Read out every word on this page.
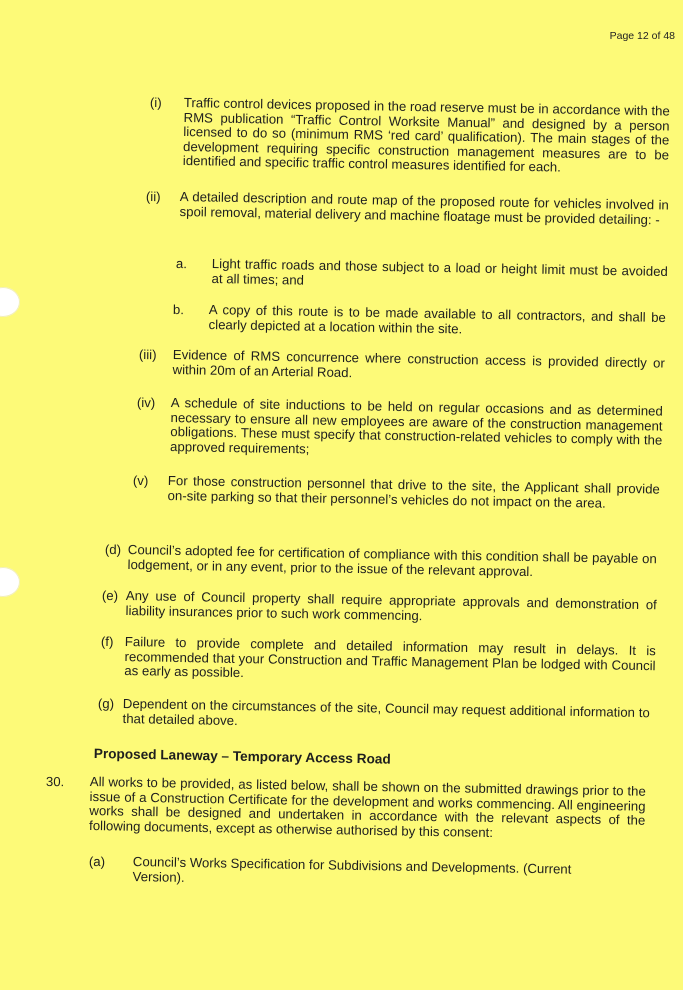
Page 12 of 48
(i) Traffic control devices proposed in the road reserve must be in accordance with the RMS publication “Traffic Control Worksite Manual” and designed by a person licensed to do so (minimum RMS ‘red card’ qualification). The main stages of the development requiring specific construction management measures are to be identified and specific traffic control measures identified for each.

(ii) A detailed description and route map of the proposed route for vehicles involved in spoil removal, material delivery and machine floatage must be provided detailing: -

a. Light traffic roads and those subject to a load or height limit must be avoided at all times; and

b. A copy of this route is to be made available to all contractors, and shall be clearly depicted at a location within the site.

(iii) Evidence of RMS concurrence where construction access is provided directly or within 20m of an Arterial Road.

(iv) A schedule of site inductions to be held on regular occasions and as determined necessary to ensure all new employees are aware of the construction management obligations. These must specify that construction-related vehicles to comply with the approved requirements;

(v) For those construction personnel that drive to the site, the Applicant shall provide on-site parking so that their personnel’s vehicles do not impact on the area.

(d) Council’s adopted fee for certification of compliance with this condition shall be payable on lodgement, or in any event, prior to the issue of the relevant approval.

(e) Any use of Council property shall require appropriate approvals and demonstration of liability insurances prior to such work commencing.

(f) Failure to provide complete and detailed information may result in delays. It is recommended that your Construction and Traffic Management Plan be lodged with Council as early as possible.

(g) Dependent on the circumstances of the site, Council may request additional information to that detailed above.

Proposed Laneway – Temporary Access Road
30. All works to be provided, as listed below, shall be shown on the submitted drawings prior to the issue of a Construction Certificate for the development and works commencing. All engineering works shall be designed and undertaken in accordance with the relevant aspects of the following documents, except as otherwise authorised by this consent:

(a) Council’s Works Specification for Subdivisions and Developments. (Current Version).
